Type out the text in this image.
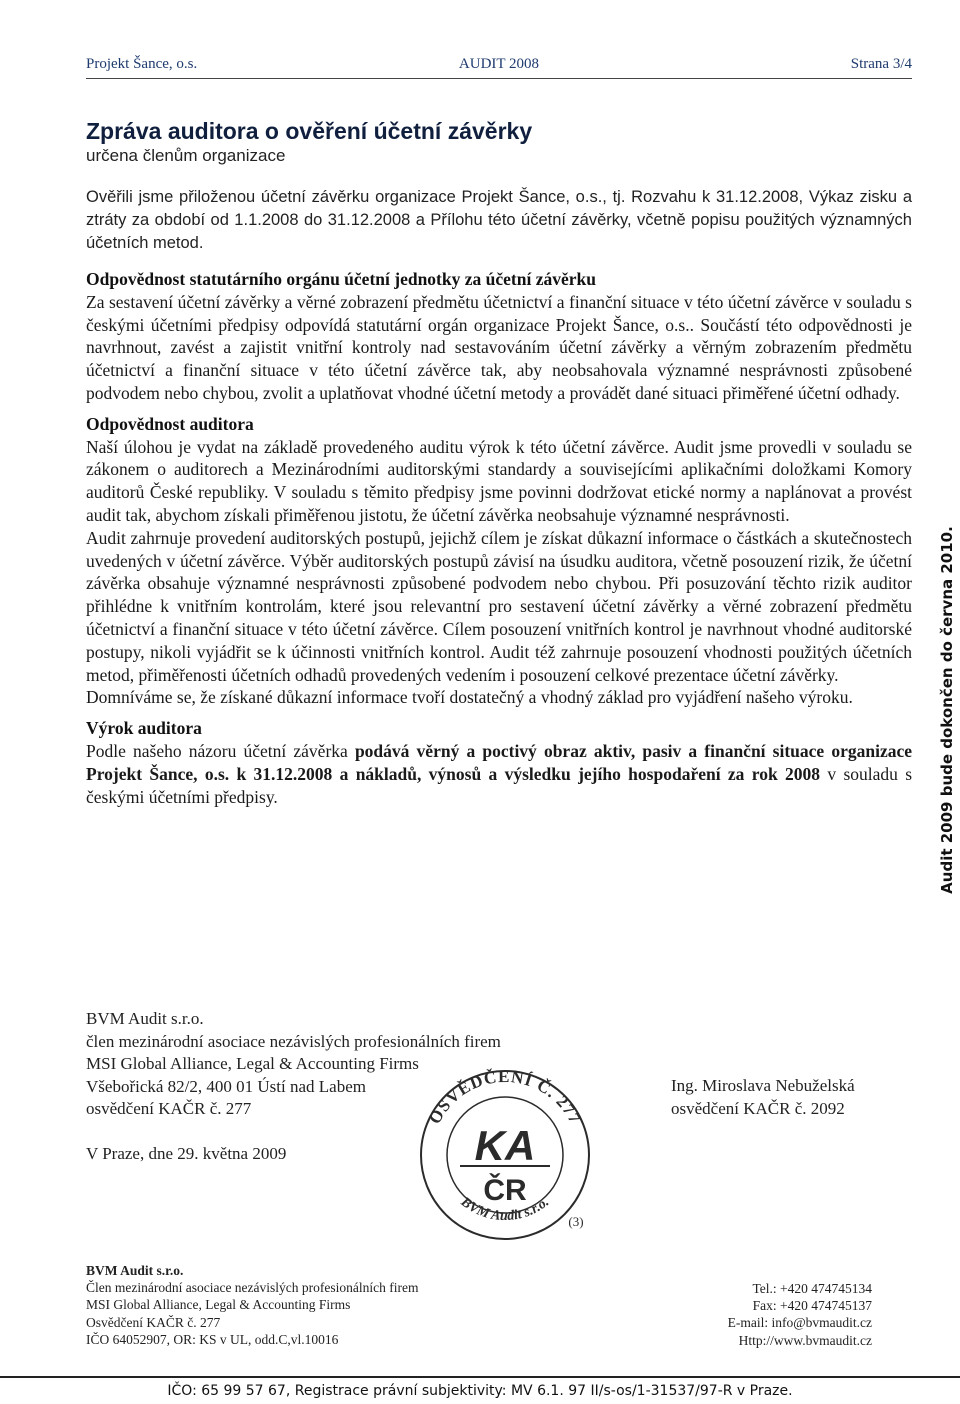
Projekt Šance, o.s.	AUDIT 2008	Strana 3/4
Zpráva auditora o ověření účetní závěrky
určena členům organizace

Ověřili jsme přiloženou účetní závěrku organizace Projekt Šance, o.s., tj. Rozvahu k 31.12.2008, Výkaz zisku a ztráty za období od 1.1.2008 do 31.12.2008 a Přílohu této účetní závěrky, včetně popisu použitých významných účetních metod.

Odpovědnost statutárního orgánu účetní jednotky za účetní závěrku

Za sestavení účetní závěrky a věrné zobrazení předmětu účetnictví a finanční situace v této účetní závěrce v souladu s českými účetními předpisy odpovídá statutární orgán organizace Projekt Šance, o.s.. Součástí této odpovědnosti je navrhnout, zavést a zajistit vnitřní kontroly nad sestavováním účetní závěrky a věrným zobrazením předmětu účetnictví a finanční situace v této účetní závěrce tak, aby neobsahovala významné nesprávnosti způsobené podvodem nebo chybou, zvolit a uplatňovat vhodné účetní metody a provádět dané situaci přiměřené účetní odhady.

Odpovědnost auditora

Naší úlohou je vydat na základě provedeného auditu výrok k této účetní závěrce. Audit jsme provedli v souladu se zákonem o auditorech a Mezinárodními auditorskými standardy a souvisejícími aplikačními doložkami Komory auditorů České republiky. V souladu s těmito předpisy jsme povinni dodržovat etické normy a naplánovat a provést audit tak, abychom získali přiměřenou jistotu, že účetní závěrka neobsahuje významné nesprávnosti.

Audit zahrnuje provedení auditorských postupů, jejichž cílem je získat důkazní informace o částkách a skutečnostech uvedených v účetní závěrce. Výběr auditorských postupů závisí na úsudku auditora, včetně posouzení rizik, že účetní závěrka obsahuje významné nesprávnosti způsobené podvodem nebo chybou. Při posuzování těchto rizik auditor přihlédne k vnitřním kontrolám, které jsou relevantní pro sestavení účetní závěrky a věrné zobrazení předmětu účetnictví a finanční situace v této účetní závěrce. Cílem posouzení vnitřních kontrol je navrhnout vhodné auditorské postupy, nikoli vyjádřit se k účinnosti vnitřních kontrol. Audit též zahrnuje posouzení vhodnosti použitých účetních metod, přiměřenosti účetních odhadů provedených vedením i posouzení celkové prezentace účetní závěrky.

Domníváme se, že získané důkazní informace tvoří dostatečný a vhodný základ pro vyjádření našeho výroku.

Výrok auditora

Podle našeho názoru účetní závěrka podává věrný a poctivý obraz aktiv, pasiv a finanční situace organizace Projekt Šance, o.s. k 31.12.2008 a nákladů, výnosů a výsledku jejího hospodaření za rok 2008 v souladu s českými účetními předpisy.	Audit 2009 bude dokončen do června 2010.
BVM Audit s.r.o.
člen mezinárodní asociace nezávislých profesionálních firem
MSI Global Alliance, Legal & Accounting Firms
Všebořická 82/2, 400 01 Ústí nad Labem
osvědčení KAČR č. 277
Ing. Miroslava Nebuželská
osvědčení KAČR č. 2092
V Praze, dne 29. května 2009
OSVĚDČENÍ Č. 277
BVM Audit s.r.o.
KA
ČR
(3)
BVM Audit s.r.o.
Člen mezinárodní asociace nezávislých profesionálních firem
MSI Global Alliance, Legal & Accounting Firms
Osvědčení KAČR č. 277
IČO 64052907, OR: KS v UL, odd.C,vl.10016
Tel.: +420 474745134
Fax: +420 474745137
E-mail: info@bvmaudit.cz
Http://www.bvmaudit.cz
IČO: 65 99 57 67, Registrace právní subjektivity: MV 6.1. 97 II/s-os/1-31537/97-R v Praze.
